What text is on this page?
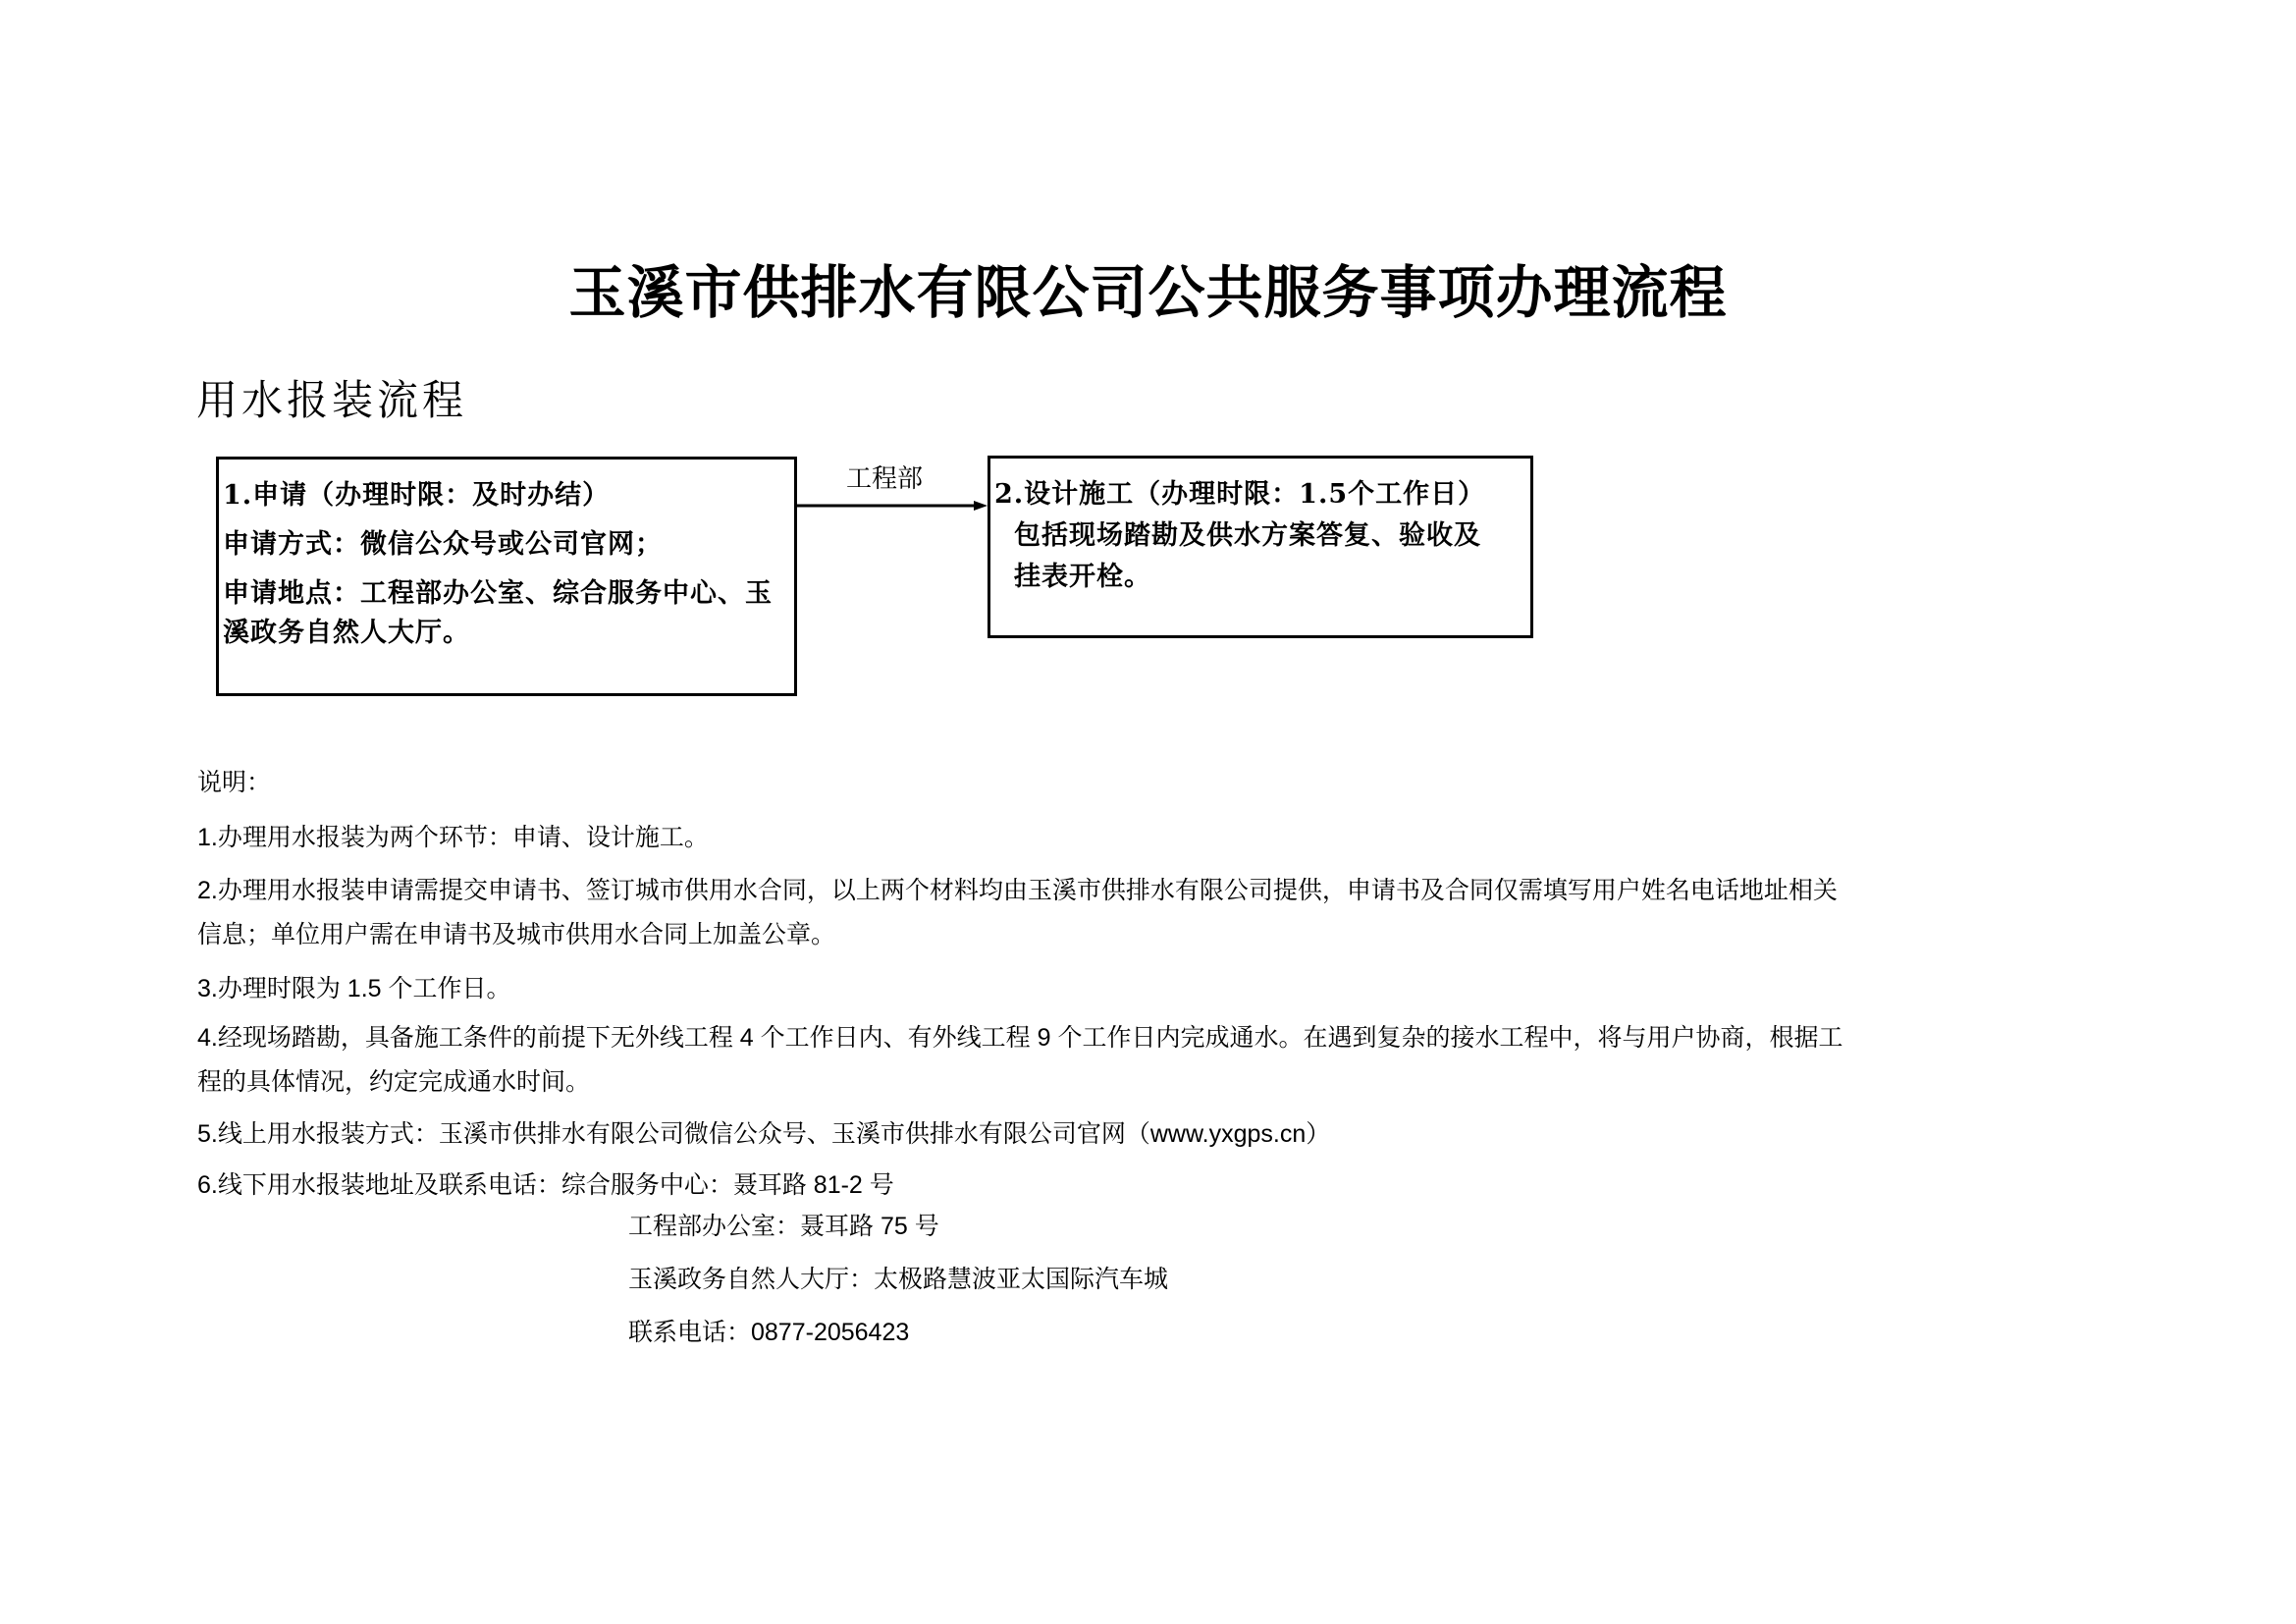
玉溪市供排水有限公司公共服务事项办理流程
用水报装流程
1.申请（办理时限：及时办结）
申请方式：微信公众号或公司官网；
申请地点：工程部办公室、综合服务中心、玉
溪政务自然人大厅。
工程部	2.设计施工（办理时限：1.5个工作日）
包括现场踏勘及供水方案答复、验收及
挂表开栓。
说明：
1.办理用水报装为两个环节：申请、设计施工。
2.办理用水报装申请需提交申请书、签订城市供用水合同，以上两个材料均由玉溪市供排水有限公司提供，申请书及合同仅需填写用户姓名电话地址相关
信息；单位用户需在申请书及城市供用水合同上加盖公章。
3.办理时限为 1.5 个工作日。
4.经现场踏勘，具备施工条件的前提下无外线工程 4 个工作日内、有外线工程 9 个工作日内完成通水。在遇到复杂的接水工程中，将与用户协商，根据工
程的具体情况，约定完成通水时间。
5.线上用水报装方式：玉溪市供排水有限公司微信公众号、玉溪市供排水有限公司官网（www.yxgps.cn）
6.线下用水报装地址及联系电话：综合服务中心：聂耳路 81-2 号
工程部办公室：聂耳路 75 号
玉溪政务自然人大厅：太极路慧波亚太国际汽车城
联系电话：0877-2056423
